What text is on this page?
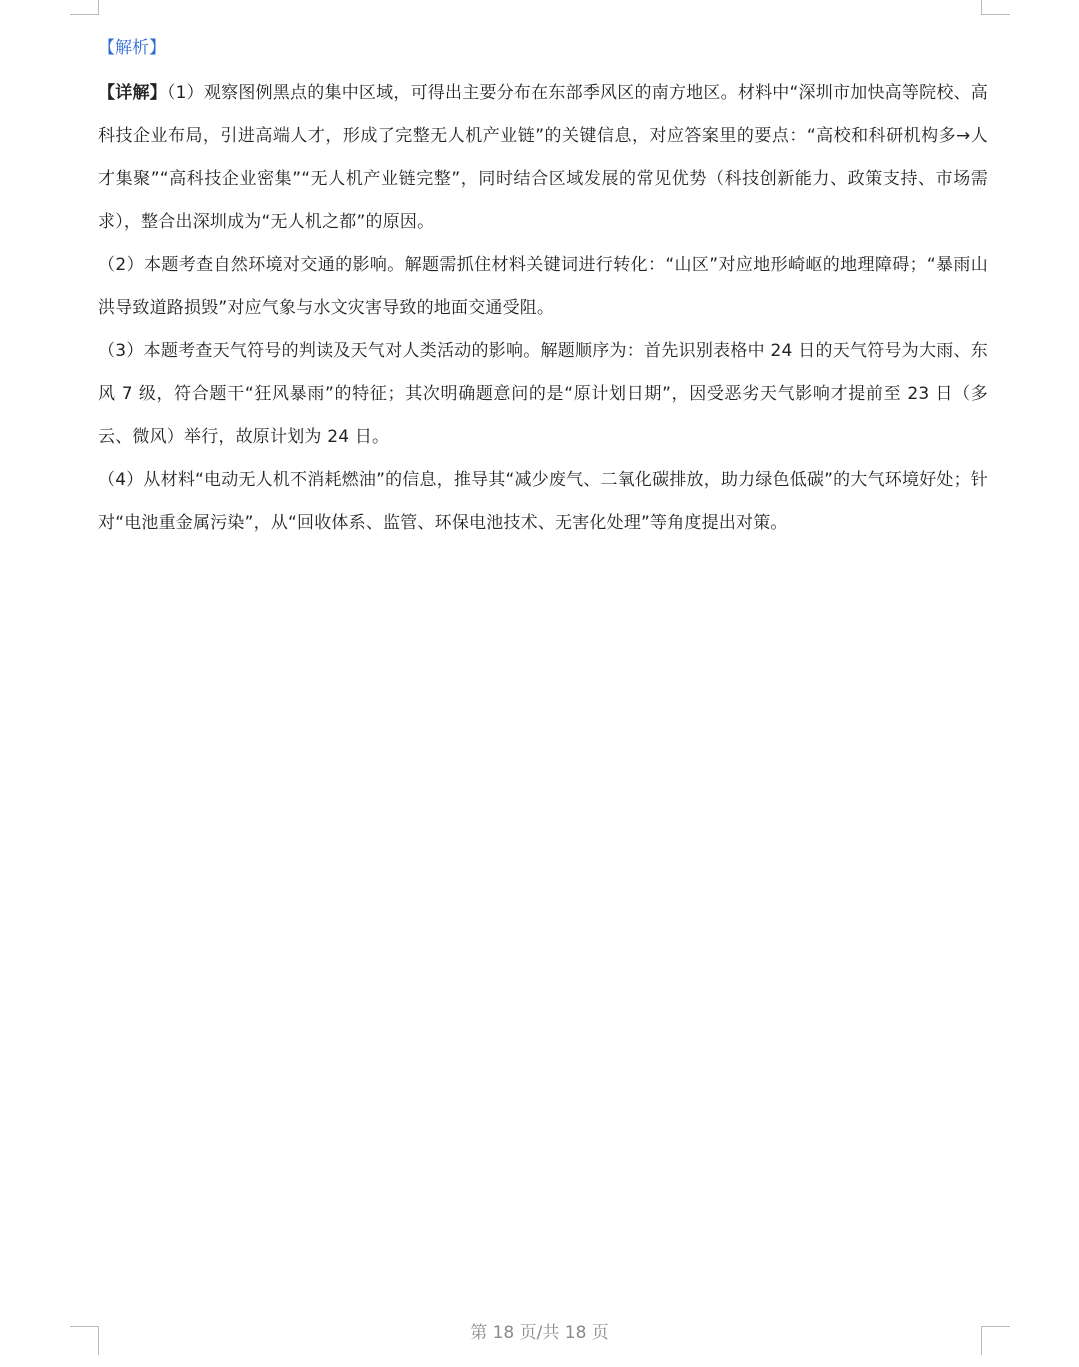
【解析】

【详解】（1）观察图例黑点的集中区域，可得出主要分布在东部季风区的南方地区。材料中“深圳市加快高等院校、高科技企业布局，引进高端人才，形成了完整无人机产业链”的关键信息，对应答案里的要点：“高校和科研机构多→人才集聚”“高科技企业密集”“无人机产业链完整”，同时结合区域发展的常见优势（科技创新能力、政策支持、市场需求），整合出深圳成为“无人机之都”的原因。

（2）本题考查自然环境对交通的影响。解题需抓住材料关键词进行转化：“山区”对应地形崎岖的地理障碍；“暴雨山洪导致道路损毁”对应气象与水文灾害导致的地面交通受阻。

（3）本题考查天气符号的判读及天气对人类活动的影响。解题顺序为：首先识别表格中 24 日的天气符号为大雨、东风 7 级，符合题干“狂风暴雨”的特征；其次明确题意问的是“原计划日期”，因受恶劣天气影响才提前至 23 日（多云、微风）举行，故原计划为 24 日。

（4）从材料“电动无人机不消耗燃油”的信息，推导其“减少废气、二氧化碳排放，助力绿色低碳”的大气环境好处；针对“电池重金属污染”，从“回收体系、监管、环保电池技术、无害化处理”等角度提出对策。

第 18 页/共 18 页
